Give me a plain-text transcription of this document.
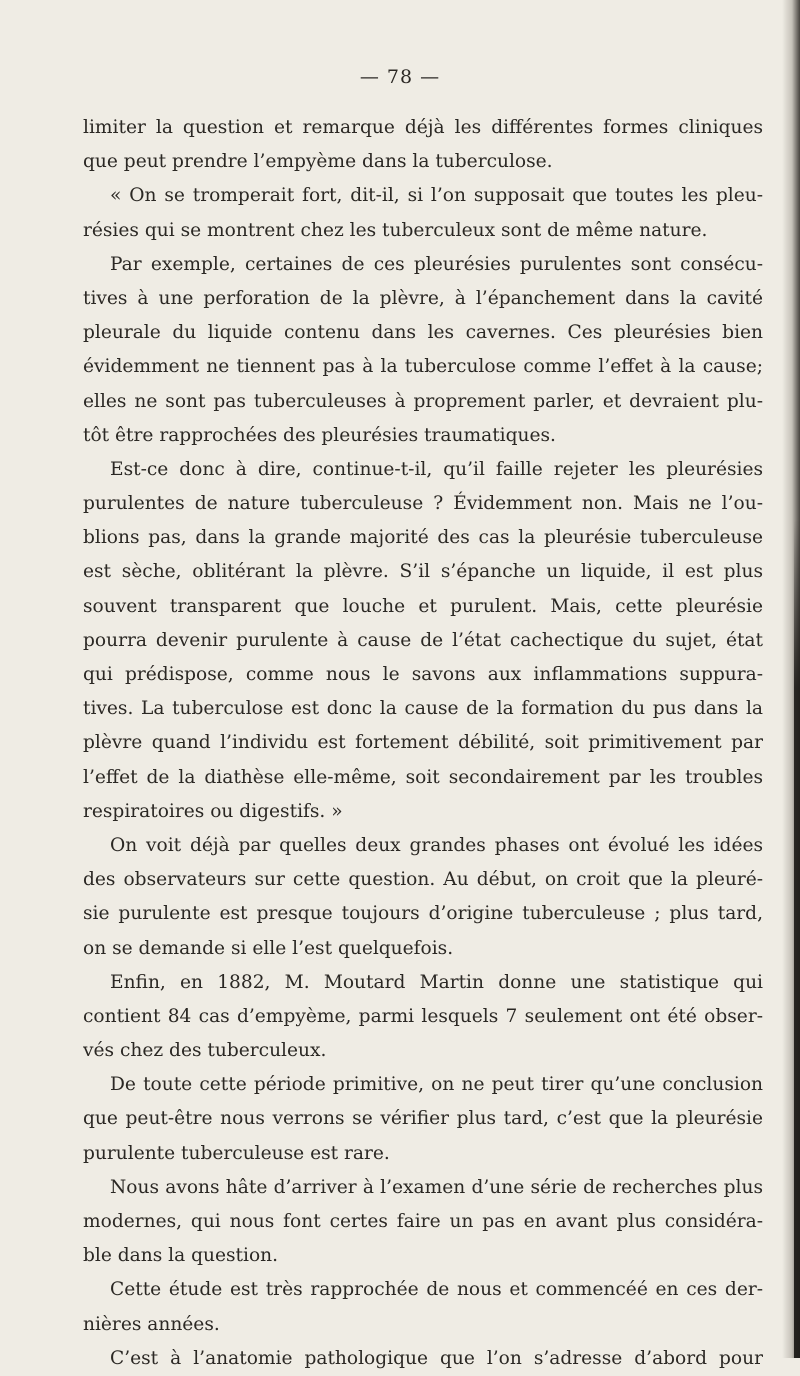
— 78 —
limiter la question et remarque déjà les différentes formes cliniques
que peut prendre l’empyème dans la tuberculose.
« On se tromperait fort, dit-il, si l’on supposait que toutes les pleu-
résies qui se montrent chez les tuberculeux sont de même nature.
Par exemple, certaines de ces pleurésies purulentes sont consécu-
tives à une perforation de la plèvre, à l’épanchement dans la cavité
pleurale du liquide contenu dans les cavernes. Ces pleurésies bien
évidemment ne tiennent pas à la tuberculose comme l’effet à la cause;
elles ne sont pas tuberculeuses à proprement parler, et devraient plu-
tôt être rapprochées des pleurésies traumatiques.
Est-ce donc à dire, continue-t-il, qu’il faille rejeter les pleurésies
purulentes de nature tuberculeuse ? Évidemment non. Mais ne l’ou-
blions pas, dans la grande majorité des cas la pleurésie tuberculeuse
est sèche, oblitérant la plèvre. S’il s’épanche un liquide, il est plus
souvent transparent que louche et purulent. Mais, cette pleurésie
pourra devenir purulente à cause de l’état cachectique du sujet, état
qui prédispose, comme nous le savons aux inflammations suppura-
tives. La tuberculose est donc la cause de la formation du pus dans la
plèvre quand l’individu est fortement débilité, soit primitivement par
l’effet de la diathèse elle-même, soit secondairement par les troubles
respiratoires ou digestifs. »
On voit déjà par quelles deux grandes phases ont évolué les idées
des observateurs sur cette question. Au début, on croit que la pleuré-
sie purulente est presque toujours d’origine tuberculeuse ; plus tard,
on se demande si elle l’est quelquefois.
Enfin, en 1882, M. Moutard Martin donne une statistique qui
contient 84 cas d’empyème, parmi lesquels 7 seulement ont été obser-
vés chez des tuberculeux.
De toute cette période primitive, on ne peut tirer qu’une conclusion
que peut-être nous verrons se vérifier plus tard, c’est que la pleurésie
purulente tuberculeuse est rare.
Nous avons hâte d’arriver à l’examen d’une série de recherches plus
modernes, qui nous font certes faire un pas en avant plus considéra-
ble dans la question.
Cette étude est très rapprochée de nous et commencéé en ces der-
nières années.
C’est à l’anatomie pathologique que l’on s’adresse d’abord pour
